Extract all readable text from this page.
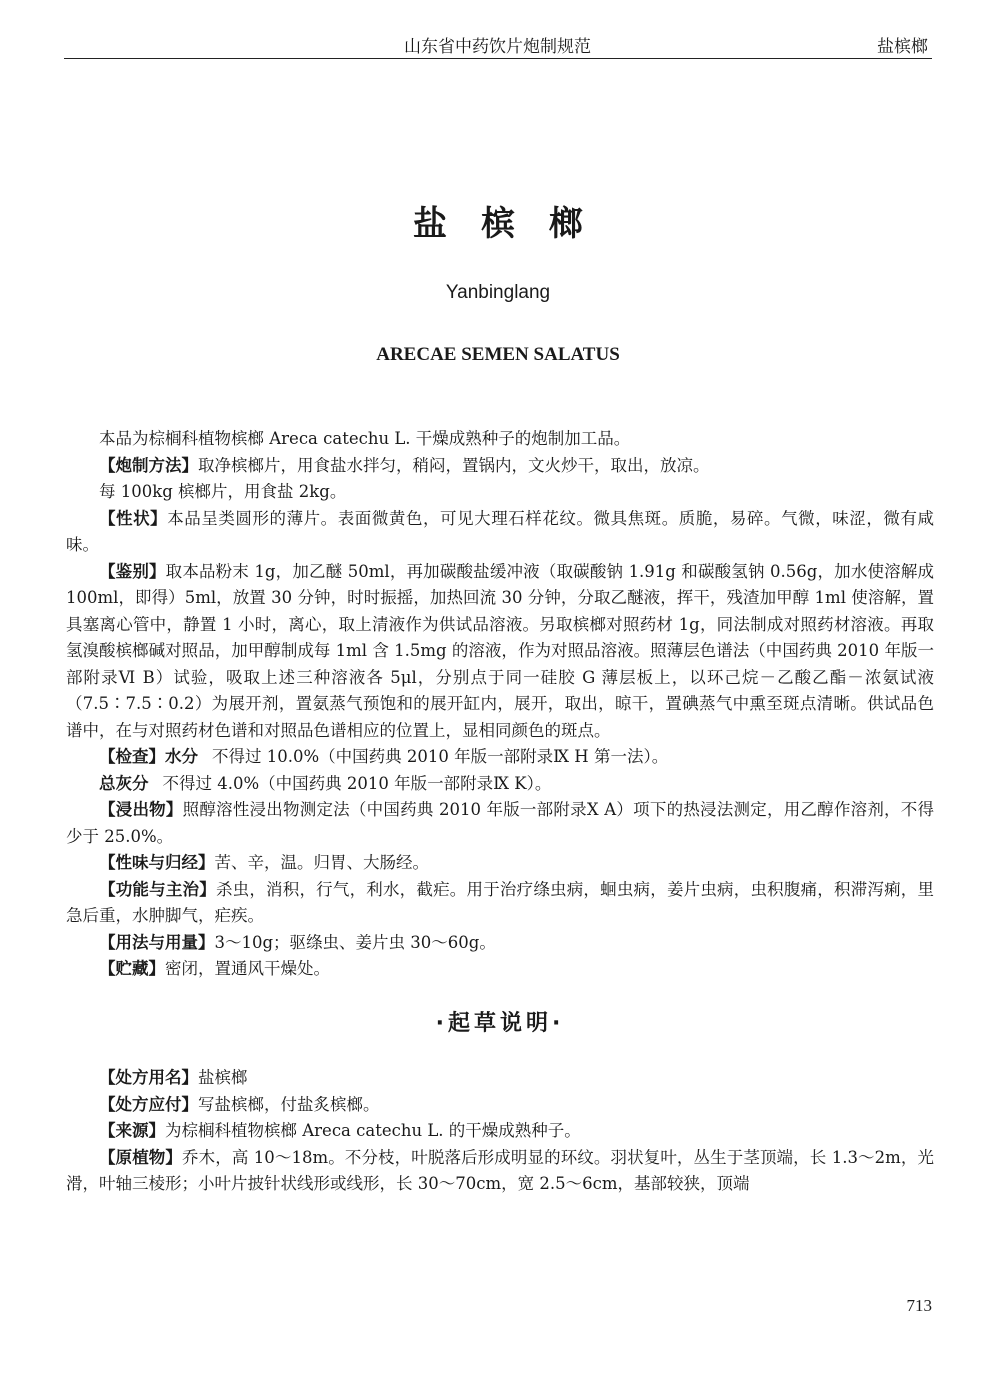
山东省中药饮片炮制规范	盐槟榔
盐槟榔
Yanbinglang
ARECAE SEMEN SALATUS

本品为棕榈科植物槟榔 Areca catechu L. 干燥成熟种子的炮制加工品。

【炮制方法】取净槟榔片，用食盐水拌匀，稍闷，置锅内，文火炒干，取出，放凉。

每 100kg 槟榔片，用食盐 2kg。

【性状】本品呈类圆形的薄片。表面微黄色，可见大理石样花纹。微具焦斑。质脆，易碎。气微，味涩，微有咸味。

【鉴别】取本品粉末 1g，加乙醚 50ml，再加碳酸盐缓冲液（取碳酸钠 1.91g 和碳酸氢钠 0.56g，加水使溶解成 100ml，即得）5ml，放置 30 分钟，时时振摇，加热回流 30 分钟，分取乙醚液，挥干，残渣加甲醇 1ml 使溶解，置具塞离心管中，静置 1 小时，离心，取上清液作为供试品溶液。另取槟榔对照药材 1g，同法制成对照药材溶液。再取氢溴酸槟榔碱对照品，加甲醇制成每 1ml 含 1.5mg 的溶液，作为对照品溶液。照薄层色谱法（中国药典 2010 年版一部附录Ⅵ B）试验，吸取上述三种溶液各 5μl，分别点于同一硅胶 G 薄层板上，以环己烷－乙酸乙酯－浓氨试液（7.5∶7.5∶0.2）为展开剂，置氨蒸气预饱和的展开缸内，展开，取出，晾干，置碘蒸气中熏至斑点清晰。供试品色谱中，在与对照药材色谱和对照品色谱相应的位置上，显相同颜色的斑点。

【检查】水分 不得过 10.0%（中国药典 2010 年版一部附录Ⅸ H 第一法）。

总灰分 不得过 4.0%（中国药典 2010 年版一部附录Ⅸ K）。

【浸出物】照醇溶性浸出物测定法（中国药典 2010 年版一部附录Ⅹ A）项下的热浸法测定，用乙醇作溶剂，不得少于 25.0%。

【性味与归经】苦、辛，温。归胃、大肠经。

【功能与主治】杀虫，消积，行气，利水，截疟。用于治疗绦虫病，蛔虫病，姜片虫病，虫积腹痛，积滞泻痢，里急后重，水肿脚气，疟疾。

【用法与用量】3～10g；驱绦虫、姜片虫 30～60g。

【贮藏】密闭，置通风干燥处。

·起草说明·

【处方用名】盐槟榔

【处方应付】写盐槟榔，付盐炙槟榔。

【来源】为棕榈科植物槟榔 Areca catechu L. 的干燥成熟种子。

【原植物】乔木，高 10～18m。不分枝，叶脱落后形成明显的环纹。羽状复叶，丛生于茎顶端，长 1.3～2m，光滑，叶轴三棱形；小叶片披针状线形或线形，长 30～70cm，宽 2.5～6cm，基部较狭，顶端

713
